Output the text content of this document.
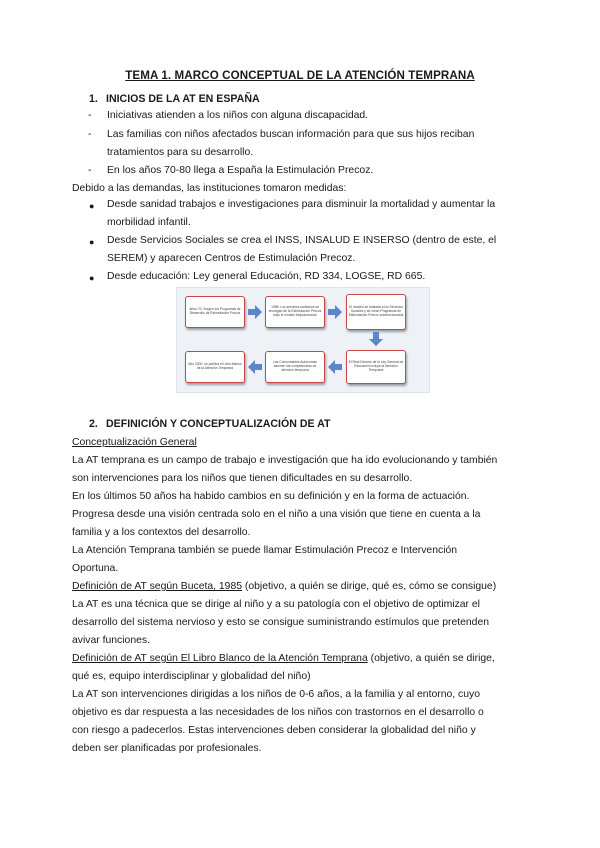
TEMA 1. MARCO CONCEPTUAL DE LA ATENCIÓN TEMPRANA
1. INICIOS DE LA AT EN ESPAÑA
- Iniciativas atienden a los niños con alguna discapacidad.
- Las familias con niños afectados buscan información para que sus hijos reciban
tratamientos para su desarrollo.
- En los años 70-80 llega a España la Estimulación Precoz.
Debido a las demandas, las instituciones tomaron medidas:
● Desde sanidad trabajos e investigaciones para disminuir la mortalidad y aumentar la
morbilidad infantil.
● Desde Servicios Sociales se crea el INSS, INSALUD E INSERSO (dentro de este, el
SEREM) y aparecen Centros de Estimulación Precoz.
● Desde educación: Ley general Educación, RD 334, LOGSE, RD 665.
Años 70: Surgen los Programas de Desarrollo de Estimulación Precoz
1985: Los servicios sanitarios se encargan de la Estimulación Precoz bajo el modelo biopsicosocial
El modelo se traslada a los Servicios Sociales y se crean Programas de Estimulación Precoz subvencionados
El Real Decreto de la Ley General de Educación incluye la Atención Temprana
Las Comunidades Autónomas asumen las competencias de atención temprana
Año 2000: se publica el Libro Blanco de la Atención Temprana
2. DEFINICIÓN Y CONCEPTUALIZACIÓN DE AT
Conceptualización General
La AT temprana es un campo de trabajo e investigación que ha ido evolucionando y también
son intervenciones para los niños que tienen dificultades en su desarrollo.
En los últimos 50 años ha habido cambios en su definición y en la forma de actuación.
Progresa desde una visión centrada solo en el niño a una visión que tiene en cuenta a la
familia y a los contextos del desarrollo.
La Atención Temprana también se puede llamar Estimulación Precoz e Intervención
Oportuna.
Definición de AT según Buceta, 1985 (objetivo, a quién se dirige, qué es, cómo se consigue)
La AT es una técnica que se dirige al niño y a su patología con el objetivo de optimizar el
desarrollo del sistema nervioso y esto se consigue suministrando estímulos que pretenden
avivar funciones.
Definición de AT según El Libro Blanco de la Atención Temprana (objetivo, a quién se dirige,
qué es, equipo interdisciplinar y globalidad del niño)
La AT son intervenciones dirigidas a los niños de 0-6 años, a la familia y al entorno, cuyo
objetivo es dar respuesta a las necesidades de los niños con trastornos en el desarrollo o
con riesgo a padecerlos. Estas intervenciones deben considerar la globalidad del niño y
deben ser planificadas por profesionales.
